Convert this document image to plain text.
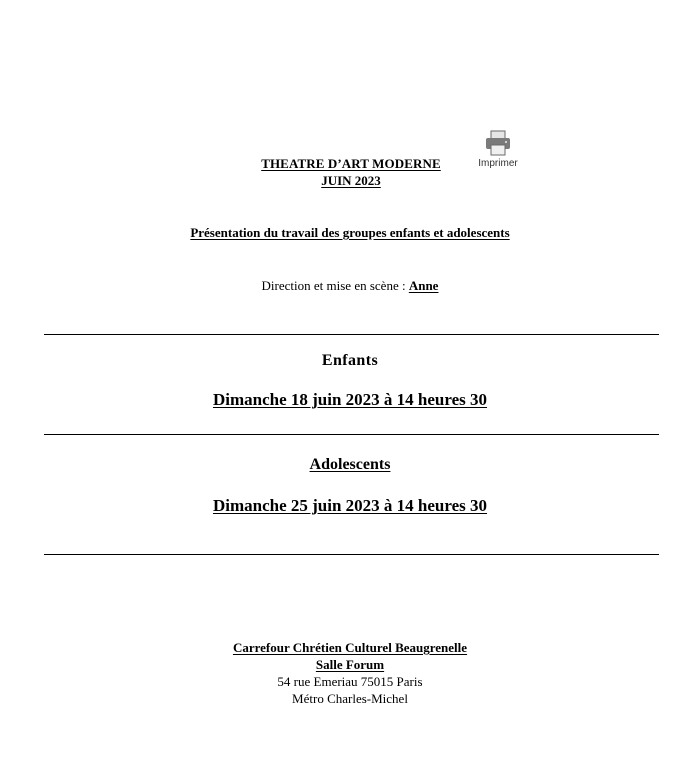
THEATRE D’ART MODERNE
JUIN 2023
Imprimer
Présentation du travail des groupes enfants et adolescents
Direction et mise en scène : Anne
Enfants
Dimanche 18 juin 2023 à 14 heures 30
Adolescents
Dimanche 25 juin 2023 à 14 heures 30
Carrefour Chrétien Culturel Beaugrenelle
Salle Forum
54 rue Emeriau 75015 Paris
Métro Charles-Michel
